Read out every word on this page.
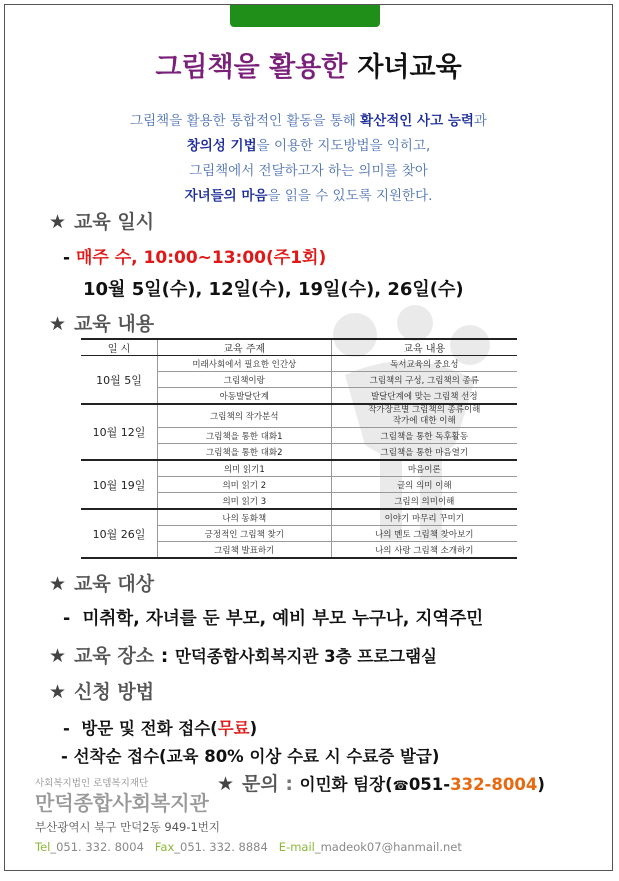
그림책을 활용한 자녀교육
그림책을 활용한 통합적인 활동을 통해 확산적인 사고 능력과
창의성 기법을 이용한 지도방법을 익히고,
그림책에서 전달하고자 하는 의미를 찾아
자녀들의 마음을 읽을 수 있도록 지원한다.
★ 교육 일시
- 매주 수, 10:00~13:00(주1회)
10월 5일(수), 12일(수), 19일(수), 26일(수)
★ 교육 내용
일 시	교육 주제	교육 내용
10월 5일	미래사회에서 필요한 인간상	독서교육의 중요성
	그림책이랑	그림책의 구성, 그림책의 종류
	아동발달단계	발달단계에 맞는 그림책 선정
10월 12일	그림책의 작가분석	작가장르별 그림책의 종류이해
작가에 대한 이해
	그림책을 통한 대화1	그림책을 통한 독후활동
	그림책을 통한 대화2	그림책을 통한 마음열기
10월 19일	의미 읽기1	마음이론
	의미 읽기 2	글의 의미 이해
	의미 읽기 3	그림의 의미이해
10월 26일	나의 동화책	이야기 마무리 꾸미기
	긍정적인 그림책 찾기	나의 멘토 그림책 찾아보기
	그림책 발표하기	나의 사랑 그림책 소개하기
★ 교육 대상
- 미취학, 자녀를 둔 부모, 예비 부모 누구나, 지역주민
★ 교육 장소 : 만덕종합사회복지관 3층 프로그램실
★ 신청 방법
- 방문 및 전화 접수(무료)
- 선착순 접수(교육 80% 이상 수료 시 수료증 발급)
사회복지법인 로뎀복지재단
만덕종합사회복지관
부산광역시 북구 만덕2동 949-1번지
★ 문의 : 이민화 팀장(☎051-332-8004)
Tel_051. 332. 8004 Fax_051. 332. 8884 E-mail_madeok07@hanmail.net
